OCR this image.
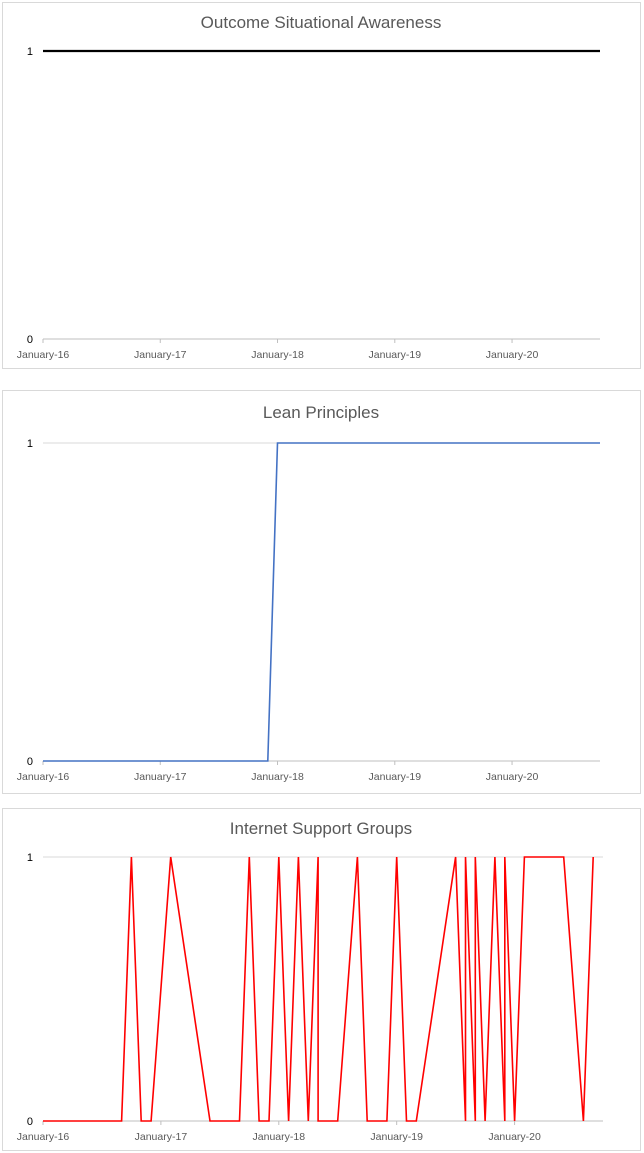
Outcome Situational Awareness
0
1
January-16	January-17	January-18	January-19	January-20
Lean Principles
0
1
January-16	January-17	January-18	January-19	January-20
Internet Support Groups
0
1
January-16	January-17	January-18	January-19	January-20
